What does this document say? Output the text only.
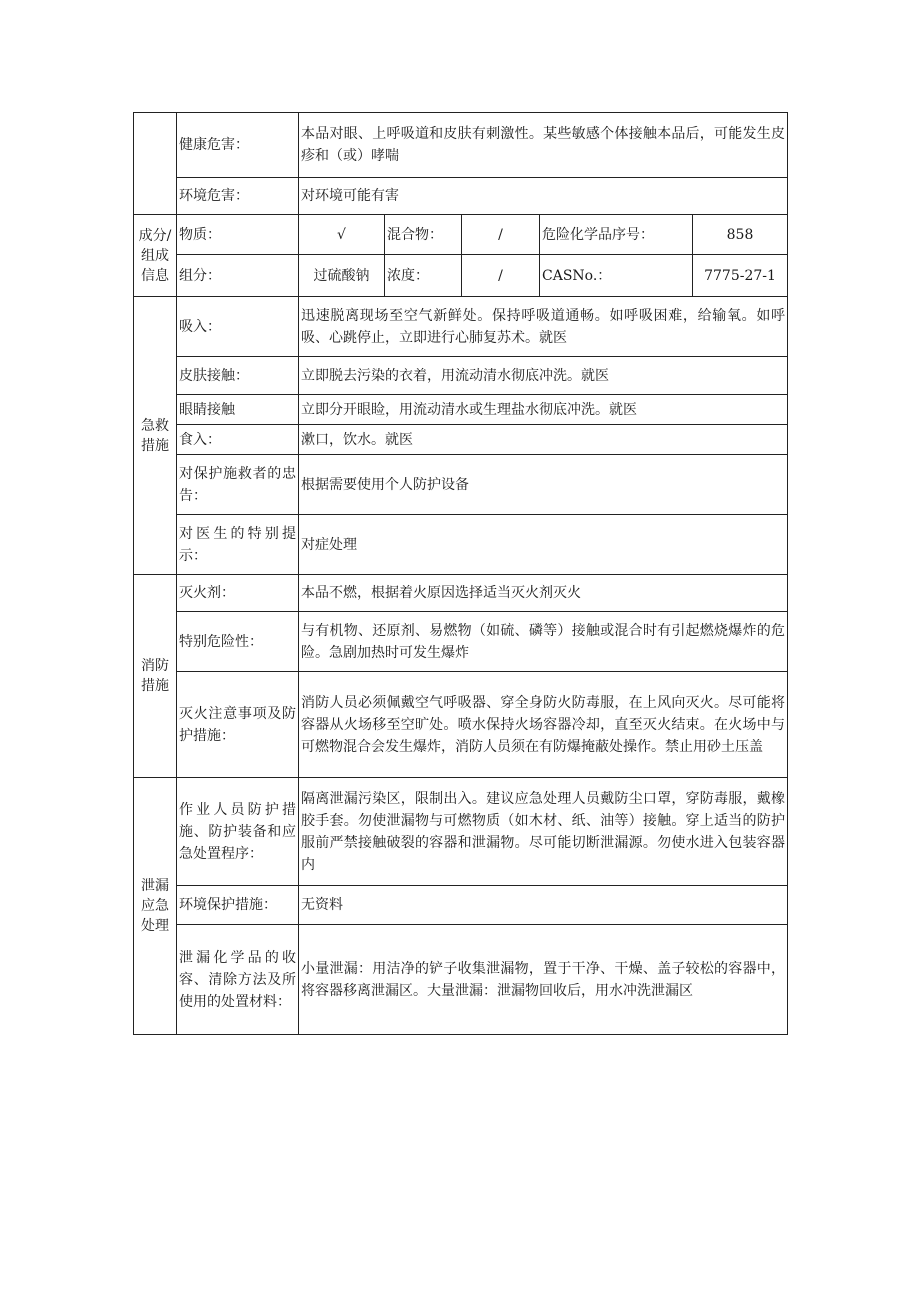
	健康危害：	本品对眼、上呼吸道和皮肤有刺激性。某些敏感个体接触本品后，可能发生皮疹和（或）哮喘				
	环境危害：	对环境可能有害				
成分/组成信息	物质：	√	混合物：	/	危险化学品序号：	858
	组分：	过硫酸钠	浓度：	/	CASNo.：	7775-27-1
急救措施	吸入：	迅速脱离现场至空气新鲜处。保持呼吸道通畅。如呼吸困难，给输氧。如呼吸、心跳停止，立即进行心肺复苏术。就医				
	皮肤接触：	立即脱去污染的衣着，用流动清水彻底冲洗。就医				
	眼睛接触	立即分开眼睑，用流动清水或生理盐水彻底冲洗。就医				
	食入：	漱口，饮水。就医				
	对保护施救者的忠告：	根据需要使用个人防护设备				
	对医生的特别提示：	对症处理				
消防措施	灭火剂：	本品不燃，根据着火原因选择适当灭火剂灭火				
	特别危险性：	与有机物、还原剂、易燃物（如硫、磷等）接触或混合时有引起燃烧爆炸的危险。急剧加热时可发生爆炸				
	灭火注意事项及防护措施：	消防人员必须佩戴空气呼吸器、穿全身防火防毒服，在上风向灭火。尽可能将容器从火场移至空旷处。喷水保持火场容器冷却，直至灭火结束。在火场中与可燃物混合会发生爆炸，消防人员须在有防爆掩蔽处操作。禁止用砂土压盖				
泄漏应急处理	作业人员防护措施、防护装备和应急处置程序：	隔离泄漏污染区，限制出入。建议应急处理人员戴防尘口罩，穿防毒服，戴橡胶手套。勿使泄漏物与可燃物质（如木材、纸、油等）接触。穿上适当的防护服前严禁接触破裂的容器和泄漏物。尽可能切断泄漏源。勿使水进入包装容器内				
	环境保护措施：	无资料				
	泄漏化学品的收容、清除方法及所使用的处置材料：	小量泄漏：用洁净的铲子收集泄漏物，置于干净、干燥、盖子较松的容器中，将容器移离泄漏区。大量泄漏：泄漏物回收后，用水冲洗泄漏区				
